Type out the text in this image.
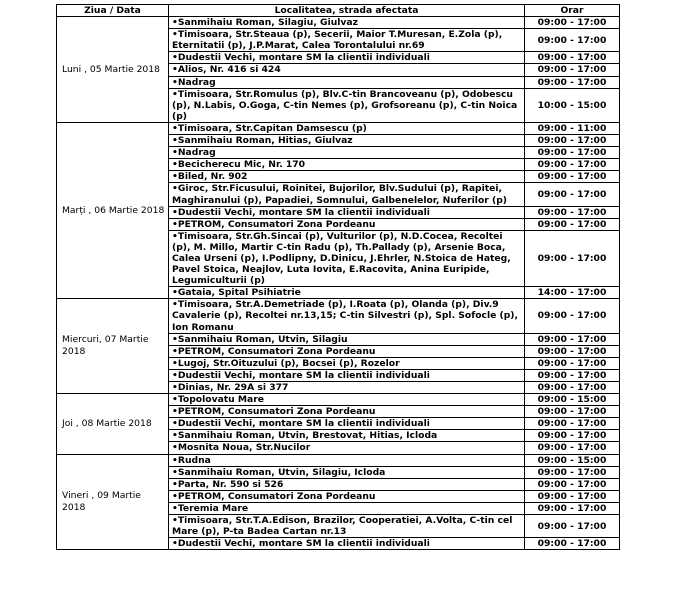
Ziua / Data	Localitatea, strada afectata	Orar
Luni , 05 Martie 2018	•Sanmihaiu Roman, Silagiu, Giulvaz	09:00 - 17:00
	•Timisoara, Str.Steaua (p), Secerii, Maior T.Muresan, E.Zola (p), Eternitatii (p), J.P.Marat, Calea Torontalului nr.69	09:00 - 17:00
	•Dudestii Vechi, montare SM la clientii individuali	09:00 - 17:00
	•Alios, Nr. 416 si 424	09:00 - 17:00
	•Nadrag	09:00 - 17:00
	•Timisoara, Str.Romulus (p), Blv.C-tin Brancoveanu (p), Odobescu (p), N.Labis, O.Goga, C-tin Nemes (p), Grofsoreanu (p), C-tin Noica (p)	10:00 - 15:00
Marți , 06 Martie 2018	•Timisoara, Str.Capitan Damsescu (p)	09:00 - 11:00
	•Sanmihaiu Roman, Hitias, Giulvaz	09:00 - 17:00
	•Nadrag	09:00 - 17:00
	•Becicherecu Mic, Nr. 170	09:00 - 17:00
	•Biled, Nr. 902	09:00 - 17:00
	•Giroc, Str.Ficusului, Roinitei, Bujorilor, Blv.Sudului (p), Rapitei, Maghiranului (p), Papadiei, Somnului, Galbenelelor, Nuferilor (p)	09:00 - 17:00
	•Dudestii Vechi, montare SM la clientii individuali	09:00 - 17:00
	•PETROM, Consumatori Zona Pordeanu	09:00 - 17:00
	•Timisoara, Str.Gh.Sincai (p), Vulturilor (p), N.D.Cocea, Recoltei (p), M. Millo, Martir C-tin Radu (p), Th.Pallady (p), Arsenie Boca, Calea Urseni (p), I.Podlipny, D.Dinicu, J.Ehrler, N.Stoica de Hateg, Pavel Stoica, Neajlov, Luta Iovita, E.Racovita, Anina Euripide, Legumiculturii (p)	09:00 - 17:00
	•Gataia, Spital Psihiatrie	14:00 - 17:00
Miercuri, 07 Martie 2018	•Timisoara, Str.A.Demetriade (p), I.Roata (p), Olanda (p), Div.9 Cavalerie (p), Recoltei nr.13,15; C-tin Silvestri (p), Spl. Sofocle (p), Ion Romanu	09:00 - 17:00
	•Sanmihaiu Roman, Utvin, Silagiu	09:00 - 17:00
	•PETROM, Consumatori Zona Pordeanu	09:00 - 17:00
	•Lugoj, Str.Oituzului (p), Bocsei (p), Rozelor	09:00 - 17:00
	•Dudestii Vechi, montare SM la clientii individuali	09:00 - 17:00
	•Dinias, Nr. 29A si 377	09:00 - 17:00
Joi , 08 Martie 2018	•Topolovatu Mare	09:00 - 15:00
	•PETROM, Consumatori Zona Pordeanu	09:00 - 17:00
	•Dudestii Vechi, montare SM la clientii individuali	09:00 - 17:00
	•Sanmihaiu Roman, Utvin, Brestovat, Hitias, Icloda	09:00 - 17:00
	•Mosnita Noua, Str.Nucilor	09:00 - 17:00
Vineri , 09 Martie 2018	•Rudna	09:00 - 15:00
	•Sanmihaiu Roman, Utvin, Silagiu, Icloda	09:00 - 17:00
	•Parta, Nr. 590 si 526	09:00 - 17:00
	•PETROM, Consumatori Zona Pordeanu	09:00 - 17:00
	•Teremia Mare	09:00 - 17:00
	•Timisoara, Str.T.A.Edison, Brazilor, Cooperatiei, A.Volta, C-tin cel Mare (p), P-ta Badea Cartan nr.13	09:00 - 17:00
	•Dudestii Vechi, montare SM la clientii individuali	09:00 - 17:00
